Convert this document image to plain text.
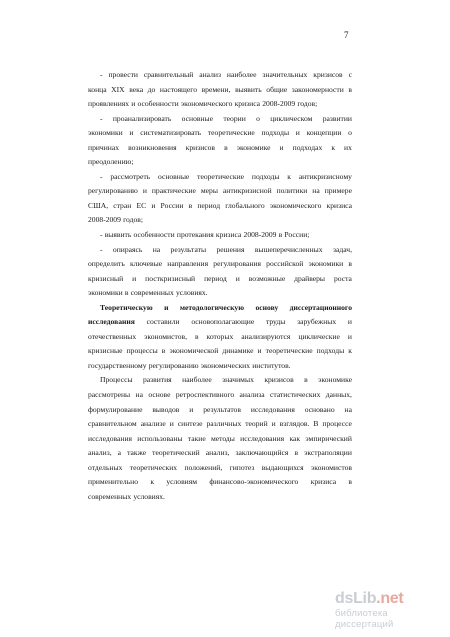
7
- провести сравнительный анализ наиболее значительных кризисов с
конца XIX века до настоящего времени, выявить общие закономерности в
проявлениях и особенности экономического кризиса 2008-2009 годов;
- проанализировать основные теории о циклическом развитии
экономики и систематизировать теоретические подходы и концепции о
причинах возникновения кризисов в экономике и подходах к их
преодолению;
- рассмотреть основные теоретические подходы к антикризисному
регулированию и практические меры антикризисной политики на примере
США, стран ЕС и России в период глобального экономического кризиса
2008-2009 годов;
- выявить особенности протекания кризиса 2008-2009 в России;
- опираясь на результаты решения вышеперечисленных задач,
определить ключевые направления регулирования российской экономики в
кризисный и посткризисный период и возможные драйверы роста
экономики в современных условиях.
Теоретическую и методологическую основу диссертационного
исследования составили основополагающие труды зарубежных и
отечественных экономистов, в которых анализируются циклические и
кризисные процессы в экономической динамике и теоретические подходы к
государственному регулированию экономических институтов.
Процессы развития наиболее значимых кризисов в экономике
рассмотрены на основе ретроспективного анализа статистических данных,
формулирование выводов и результатов исследования основано на
сравнительном анализе и синтезе различных теорий и взглядов. В процессе
исследования использованы такие методы исследования как эмпирический
анализ, а также теоретический анализ, заключающийся в экстраполяции
отдельных теоретических положений, гипотез выдающихся экономистов
применительно к условиям финансово-экономического кризиса в
современных условиях.
dsLib.net
библиотека диссертаций
